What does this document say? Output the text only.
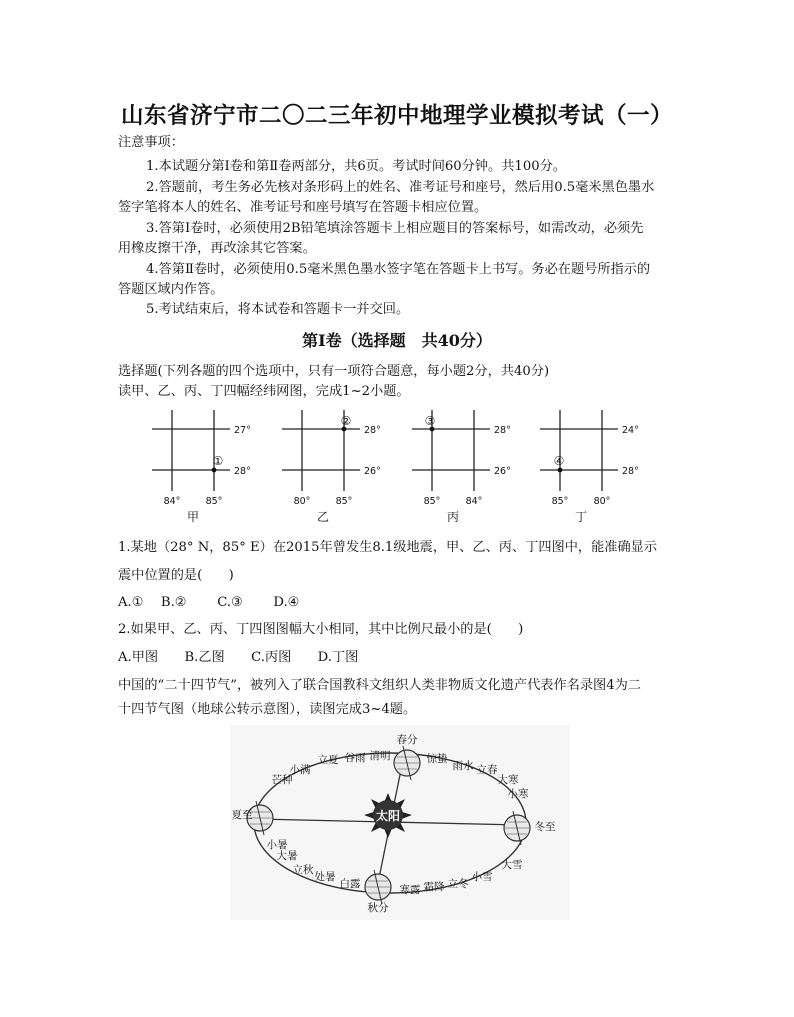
山东省济宁市二〇二三年初中地理学业模拟考试（一）
注意事项：
1.本试题分第Ⅰ卷和第Ⅱ卷两部分，共6页。考试时间60分钟。共100分。
2.答题前，考生务必先核对条形码上的姓名、准考证号和座号，然后用0.5毫米黑色墨水
签字笔将本人的姓名、准考证号和座号填写在答题卡相应位置。
3.答第Ⅰ卷时，必须使用2B铅笔填涂答题卡上相应题目的答案标号，如需改动，必须先
用橡皮擦干净，再改涂其它答案。
4.答第Ⅱ卷时，必须使用0.5毫米黑色墨水签字笔在答题卡上书写。务必在题号所指示的
答题区域内作答。
5.考试结束后，将本试卷和答题卡一并交回。
第Ⅰ卷（选择题　共40分）
选择题(下列各题的四个选项中，只有一项符合题意，每小题2分，共40分)
读甲、乙、丙、丁四幅经纬网图，完成1~2小题。
27°
28°
84°	85°
甲
①
28°
26°
80°	85°
乙
②
28°
26°
85°	84°
丙
③
24°
28°
85°	80°
丁
④
1.某地（28° N，85° E）在2015年曾发生8.1级地震，甲、乙、丙、丁四图中，能准确显示
震中位置的是(　　)
A.①　 B.②　 　C.③　 　D.④
2.如果甲、乙、丙、丁四图图幅大小相同，其中比例尺最小的是(　　)
A.甲图　　B.乙图　　C.丙图　　D.丁图
中国的“二十四节气”，被列入了联合国教科文组织人类非物质文化遗产代表作名录图4为二
十四节气图（地球公转示意图），读图完成3~4题。
太阳
春分
惊蛰
雨水 立春
大寒
小寒
冬至
大雪
小雪
立冬
霜降
寒露
秋分
白露
处暑
立秋
大暑
小暑
夏至
芒种
小满
立夏 谷雨 清明
